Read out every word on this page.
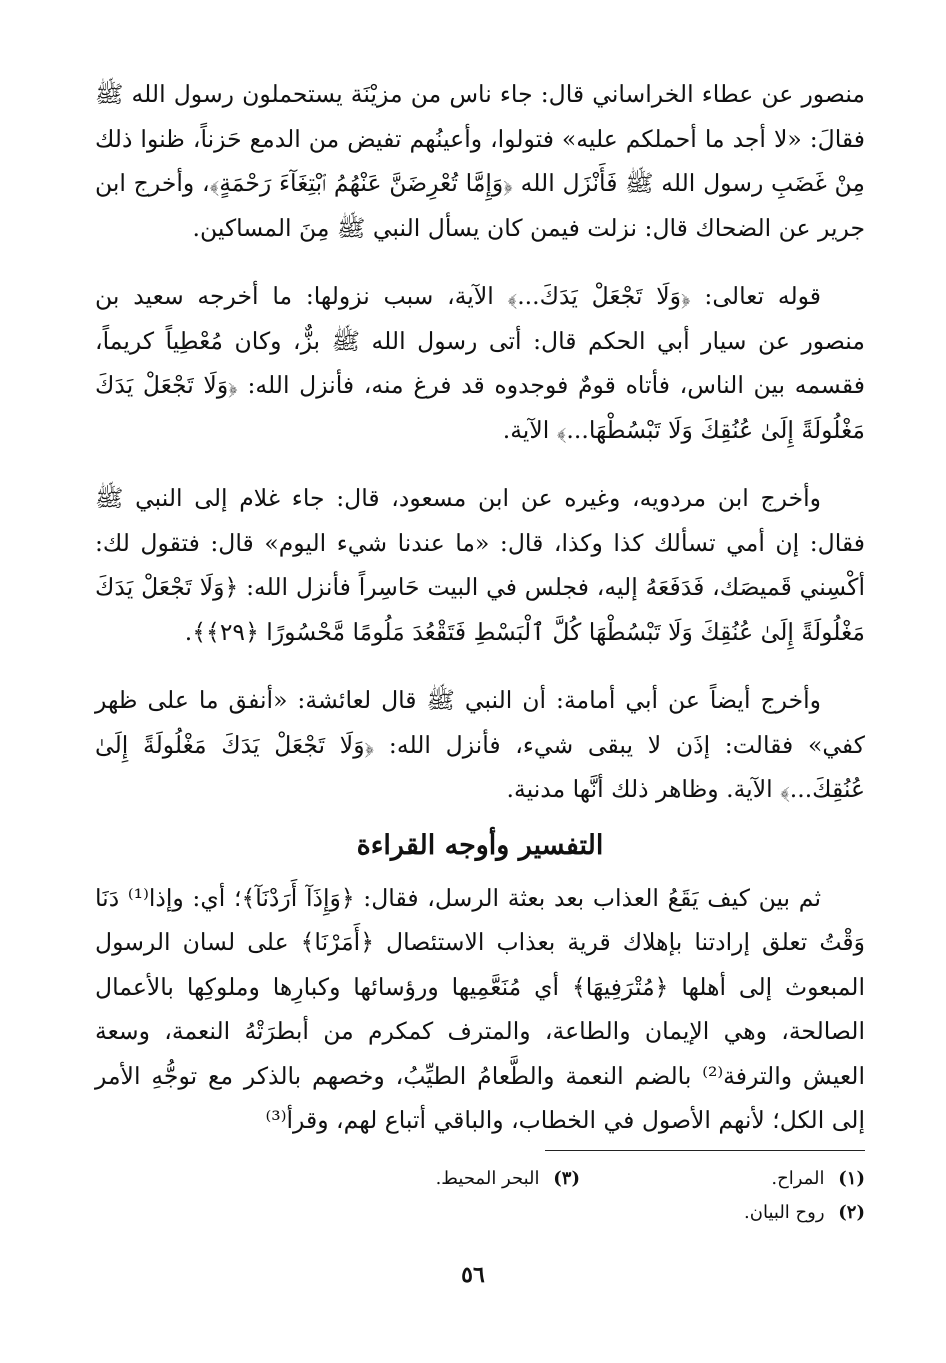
منصور عن عطاء الخراساني قال: جاء ناس من مزيْنَة يستحملون رسول الله ﷺ فقالَ: «لا أجد ما أحملكم عليه» فتولوا، وأعينُهم تفيض من الدمع حَزناً، ظنوا ذلك مِنْ غَضَبِ رسول الله ﷺ فَأَنْزَل الله ﴿وَإِمَّا تُعْرِضَنَّ عَنْهُمُ ٱبْتِغَآءَ رَحْمَةٍ﴾، وأخرج ابن جرير عن الضحاك قال: نزلت فيمن كان يسأل النبي ﷺ مِنَ المساكين.

قوله تعالى: ﴿وَلَا تَجْعَلْ يَدَكَ...﴾ الآية، سبب نزولها: ما أخرجه سعيد بن منصور عن سيار أبي الحكم قال: أتى رسول الله ﷺ بزٌّ، وكان مُعْطِياً كريماً، فقسمه بين الناس، فأتاه قومٌ فوجدوه قد فرغ منه، فأنزل الله: ﴿وَلَا تَجْعَلْ يَدَكَ مَغْلُولَةً إِلَىٰ عُنُقِكَ وَلَا تَبْسُطْهَا...﴾ الآية.

وأخرج ابن مردويه، وغيره عن ابن مسعود، قال: جاء غلام إلى النبي ﷺ فقال: إن أمي تسألك كذا وكذا، قال: «ما عندنا شيء اليوم» قال: فتقول لك: أكْسِني قَميصَك، فَدَفَعَهُ إليه، فجلس في البيت حَاسِراً فأنزل الله: ﴿وَلَا تَجْعَلْ يَدَكَ مَغْلُولَةً إِلَىٰ عُنُقِكَ وَلَا تَبْسُطْهَا كُلَّ ٱلْبَسْطِ فَتَقْعُدَ مَلُومًا مَّحْسُورًا ﴿٢٩﴾﴾.

وأخرج أيضاً عن أبي أمامة: أن النبي ﷺ قال لعائشة: «أنفق ما على ظهر كفي» فقالت: إذَن لا يبقى شيء، فأنزل الله: ﴿وَلَا تَجْعَلْ يَدَكَ مَغْلُولَةً إِلَىٰ عُنُقِكَ...﴾ الآية. وظاهر ذلك أنَّها مدنية.

التفسير وأوجه القراءة

ثم بين كيف يَقَعُ العذاب بعد بعثة الرسل، فقال: ﴿وَإِذَآ أَرَدْنَآ﴾؛ أي: وإذا⁽¹⁾ دَنَا وَقْتُ تعلق إرادتنا بإهلاك قرية بعذاب الاستئصال ﴿أَمَرْنَا﴾ على لسان الرسول المبعوث إلى أهلها ﴿مُتْرَفِيهَا﴾ أي مُنَعَّمِيها ورؤسائها وكبارِها وملوكِها بالأعمال الصالحة، وهي الإيمان والطاعة، والمترف كمكرم من أبطرَتْهُ النعمة، وسعة العيش والترفة⁽²⁾ بالضم النعمة والطَّعامُ الطيِّبُ، وخصهم بالذكر مع توجُّهِ الأمر إلى الكل؛ لأنهم الأصول في الخطاب، والباقي أتباع لهم، وقرأ⁽³⁾

(١) المراح.
(٣) البحر المحيط.
(٢) روح البيان.
٥٦
